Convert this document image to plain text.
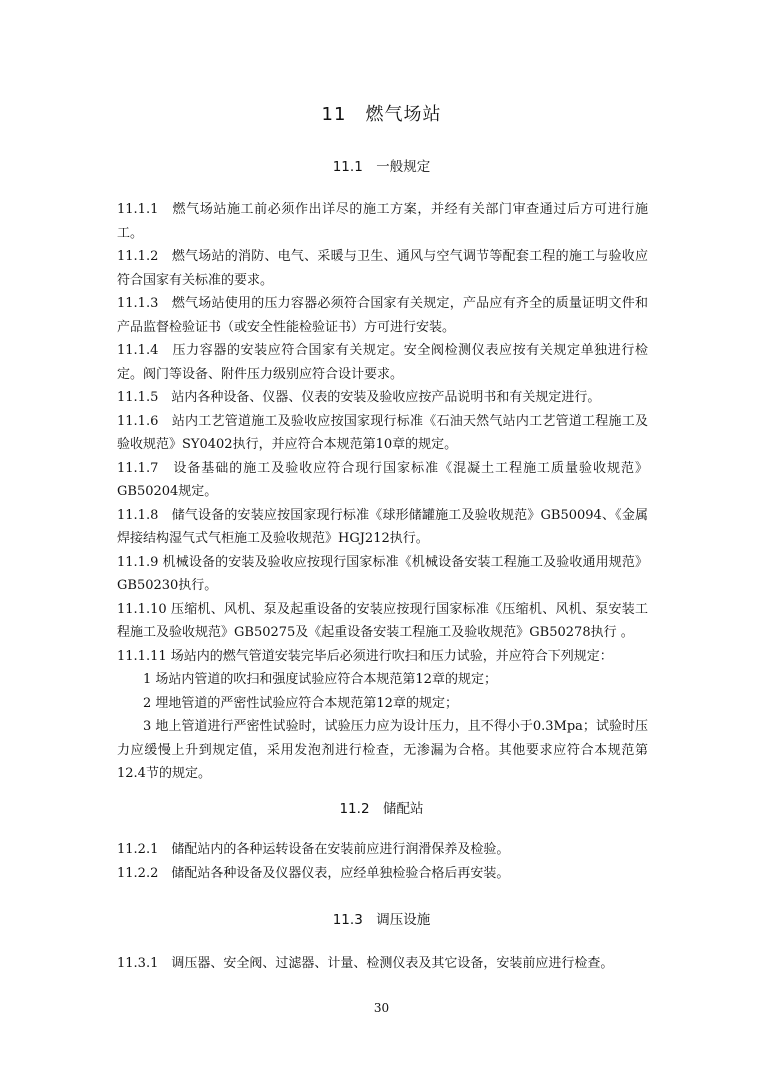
11　燃气场站
11.1　一般规定

11.1.1　燃气场站施工前必须作出详尽的施工方案，并经有关部门审查通过后方可进行施工。

11.1.2　燃气场站的消防、电气、采暖与卫生、通风与空气调节等配套工程的施工与验收应符合国家有关标准的要求。

11.1.3　燃气场站使用的压力容器必须符合国家有关规定，产品应有齐全的质量证明文件和产品监督检验证书（或安全性能检验证书）方可进行安装。

11.1.4　压力容器的安装应符合国家有关规定。安全阀检测仪表应按有关规定单独进行检定。阀门等设备、附件压力级别应符合设计要求。

11.1.5　站内各种设备、仪器、仪表的安装及验收应按产品说明书和有关规定进行。

11.1.6　站内工艺管道施工及验收应按国家现行标准《石油天然气站内工艺管道工程施工及验收规范》SY0402执行，并应符合本规范第10章的规定。

11.1.7　设备基础的施工及验收应符合现行国家标准《混凝土工程施工质量验收规范》GB50204规定。

11.1.8　储气设备的安装应按国家现行标准《球形储罐施工及验收规范》GB50094、《金属焊接结构湿气式气柜施工及验收规范》HGJ212执行。

11.1.9 机械设备的安装及验收应按现行国家标准《机械设备安装工程施工及验收通用规范》GB50230执行。

11.1.10 压缩机、风机、泵及起重设备的安装应按现行国家标准《压缩机、风机、泵安装工程施工及验收规范》GB50275及《起重设备安装工程施工及验收规范》GB50278执行 。

11.1.11 场站内的燃气管道安装完毕后必须进行吹扫和压力试验，并应符合下列规定：

1 场站内管道的吹扫和强度试验应符合本规范第12章的规定；

2 埋地管道的严密性试验应符合本规范第12章的规定；

3 地上管道进行严密性试验时，试验压力应为设计压力，且不得小于0.3Mpa；试验时压力应缓慢上升到规定值，采用发泡剂进行检查，无渗漏为合格。其他要求应符合本规范第12.4节的规定。

11.2　储配站

11.2.1　储配站内的各种运转设备在安装前应进行润滑保养及检验。

11.2.2　储配站各种设备及仪器仪表，应经单独检验合格后再安装。

11.3　调压设施

11.3.1　调压器、安全阀、过滤器、计量、检测仪表及其它设备，安装前应进行检查。

30
